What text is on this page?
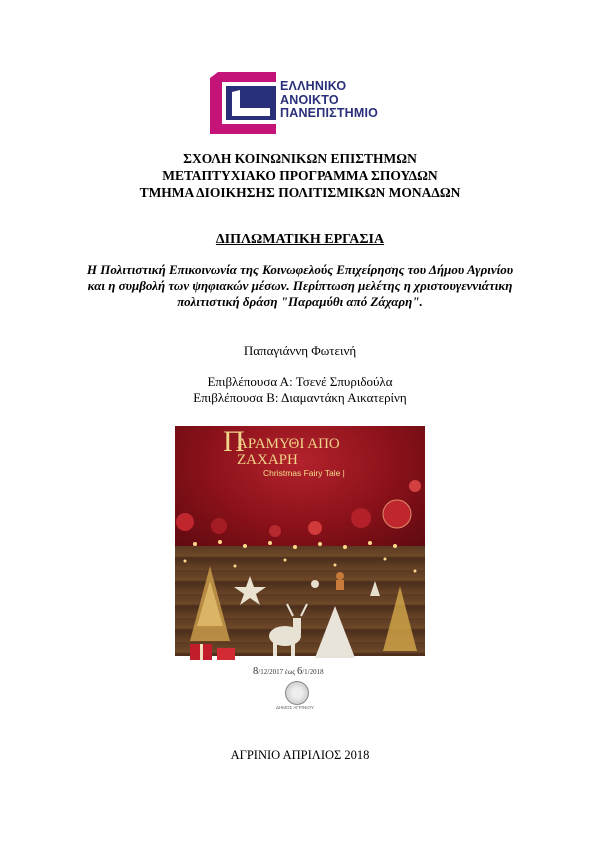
ΕΛΛΗΝΙΚΟ
ΑΝΟΙΚΤΟ
ΠΑΝΕΠΙΣΤΗΜΙΟ
ΣΧΟΛΗ ΚΟΙΝΩΝΙΚΩΝ ΕΠΙΣΤΗΜΩΝ
ΜΕΤΑΠΤΥΧΙΑΚΟ ΠΡΟΓΡΑΜΜΑ ΣΠΟΥΔΩΝ
ΤΜΗΜΑ ΔΙΟΙΚΗΣΗΣ ΠΟΛΙΤΙΣΜΙΚΩΝ ΜΟΝΑΔΩΝ
ΔΙΠΛΩΜΑΤΙΚΗ ΕΡΓΑΣΙΑ
Η Πολιτιστική Επικοινωνία της Κοινωφελούς Επιχείρησης του Δήμου Αγρινίου και η συμβολή των ψηφιακών μέσων. Περίπτωση μελέτης η χριστουγεννιάτικη πολιτιστική δράση "Παραμύθι από Ζάχαρη".
Παπαγιάννη Φωτεινή
Επιβλέπουσα Α: Τσενέ Σπυριδούλα
Επιβλέπουσα Β: Διαμαντάκη Αικατερίνη
Π
ΑΡΑΜΥΘΙ ΑΠΟ
ΖΑΧΑΡΗ
Christmas Fairy Tale |
8/12/2017 έως 6/1/2018
ΔΗΜΟΣ ΑΓΡΙΝΙΟΥ
ΑΓΡΙΝΙΟ ΑΠΡΙΛΙΟΣ 2018
